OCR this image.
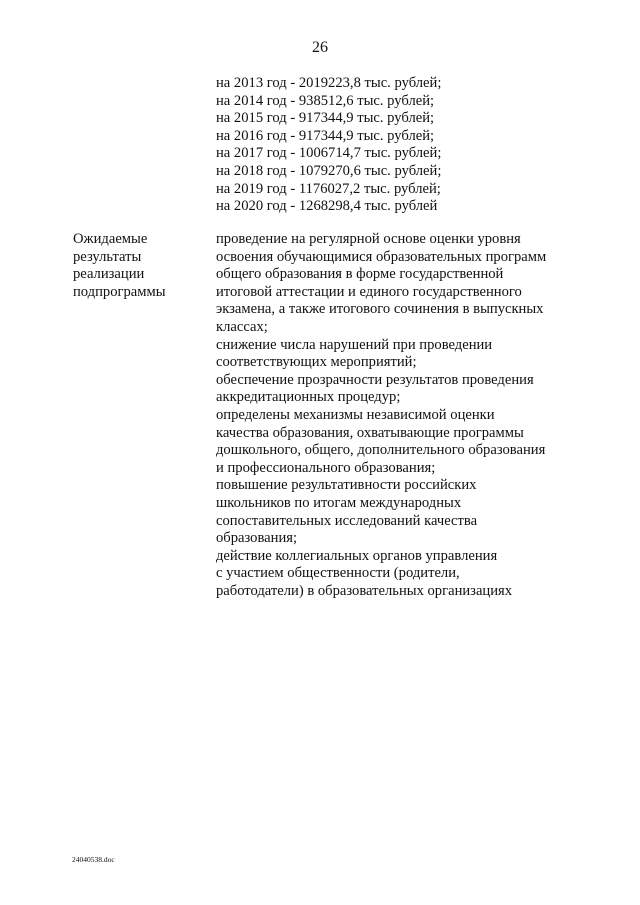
26
на 2013 год - 2019223,8 тыс. рублей;
на 2014 год - 938512,6 тыс. рублей;
на 2015 год - 917344,9 тыс. рублей;
на 2016 год - 917344,9 тыс. рублей;
на 2017 год - 1006714,7 тыс. рублей;
на 2018 год - 1079270,6 тыс. рублей;
на 2019 год - 1176027,2 тыс. рублей;
на 2020 год - 1268298,4 тыс. рублей
Ожидаемые
результаты
реализации
подпрограммы
проведение на регулярной основе оценки уровня
освоения обучающимися образовательных программ
общего образования в форме государственной
итоговой аттестации и единого государственного
экзамена, а также итогового сочинения в выпускных
классах;
снижение числа нарушений при проведении
соответствующих мероприятий;
обеспечение прозрачности результатов проведения
аккредитационных процедур;
определены механизмы независимой оценки
качества образования, охватывающие программы
дошкольного, общего, дополнительного образования
и профессионального образования;
повышение результативности российских
школьников по итогам международных
сопоставительных исследований качества
образования;
действие коллегиальных органов управления
с участием общественности (родители,
работодатели) в образовательных организациях
24040538.doc
